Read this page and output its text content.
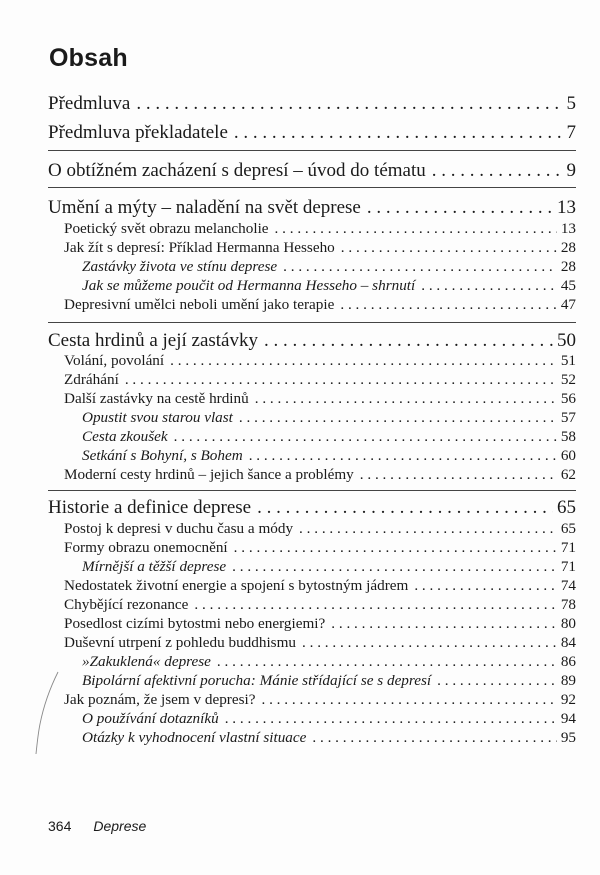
Obsah
Předmluva . . .	5
Předmluva překladatele . . .	7
O obtížném zacházení s depresí – úvod do tématu . . .	9
Umění a mýty – naladění na svět deprese . . .	13
Poetický svět obrazu melancholie . . .	13
Jak žít s depresí: Příklad Hermanna Hesseho . . .	28
Zastávky života ve stínu deprese . . .	28
Jak se můžeme poučit od Hermanna Hesseho – shrnutí . . .	45
Depresivní umělci neboli umění jako terapie . . .	47
Cesta hrdinů a její zastávky . . .	50
Volání, povolání . . .	51
Zdráhání . . .	52
Další zastávky na cestě hrdinů . . .	56
Opustit svou starou vlast . . .	57
Cesta zkoušek . . .	58
Setkání s Bohyní, s Bohem . . .	60
Moderní cesty hrdinů – jejich šance a problémy . . .	62
Historie a definice deprese . . .	65
Postoj k depresi v duchu času a módy . . .	65
Formy obrazu onemocnění . . .	71
Mírnější a těžší deprese . . .	71
Nedostatek životní energie a spojení s bytostným jádrem . . .	74
Chybějící rezonance . . .	78
Posedlost cizími bytostmi nebo energiemi? . . .	80
Duševní utrpení z pohledu buddhismu . . .	84
»Zakuklená« deprese . . .	86
Bipolární afektivní porucha: Mánie střídající se s depresí . . .	89
Jak poznám, že jsem v depresi? . . .	92
O používání dotazníků . . .	94
Otázky k vyhodnocení vlastní situace . . .	95
364 Deprese
